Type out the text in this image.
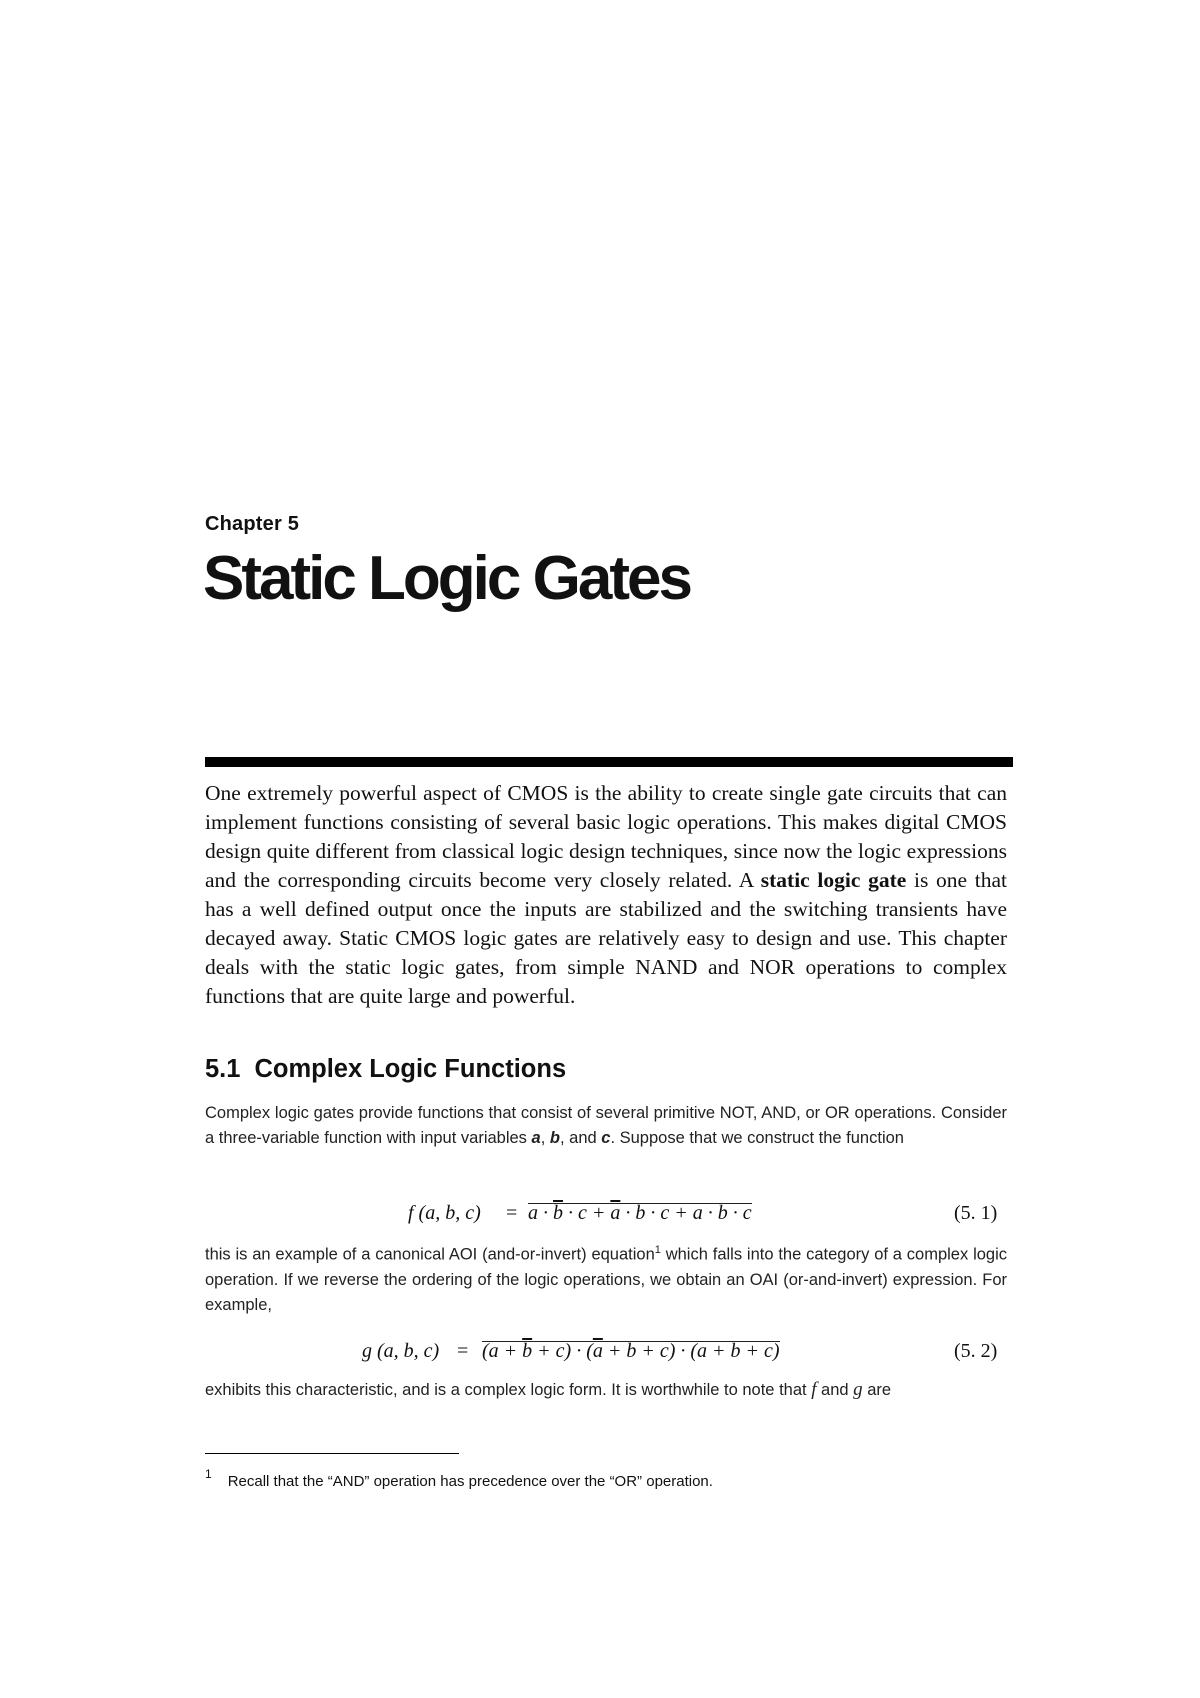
Chapter 5
Static Logic Gates
One extremely powerful aspect of CMOS is the ability to create single gate circuits that can implement functions consisting of several basic logic operations. This makes digital CMOS design quite different from classical logic design techniques, since now the logic expressions and the corresponding circuits become very closely related. A static logic gate is one that has a well defined output once the inputs are stabilized and the switching transients have decayed away. Static CMOS logic gates are relatively easy to design and use. This chapter deals with the static logic gates, from simple NAND and NOR operations to complex functions that are quite large and powerful.
5.1 Complex Logic Functions
Complex logic gates provide functions that consist of several primitive NOT, AND, or OR operations. Consider a three-variable function with input variables a, b, and c. Suppose that we construct the function
f (a, b, $c) = a \cdot \overline{b} \cdot c + \overline{a} \cdot b \cdot c + a \cdot b \cdot c$	(5. 1)
this is an example of a canonical AOI (and-or-invert) equation$^1$ which falls into the category of a complex logic operation. If we reverse the ordering of the logic operations, we obtain an OAI (or-and-invert) expression. For example,
g (a, b, $c) = (a + \overline{b} + c) \cdot (\overline{a} + b + c) \cdot (a + b + c)$	(5. 2)
exhibits this characteristic, and is a complex logic form. It is worthwhile to note that f and g are
$^1$ Recall that the “AND” operation has precedence over the “OR” operation.
